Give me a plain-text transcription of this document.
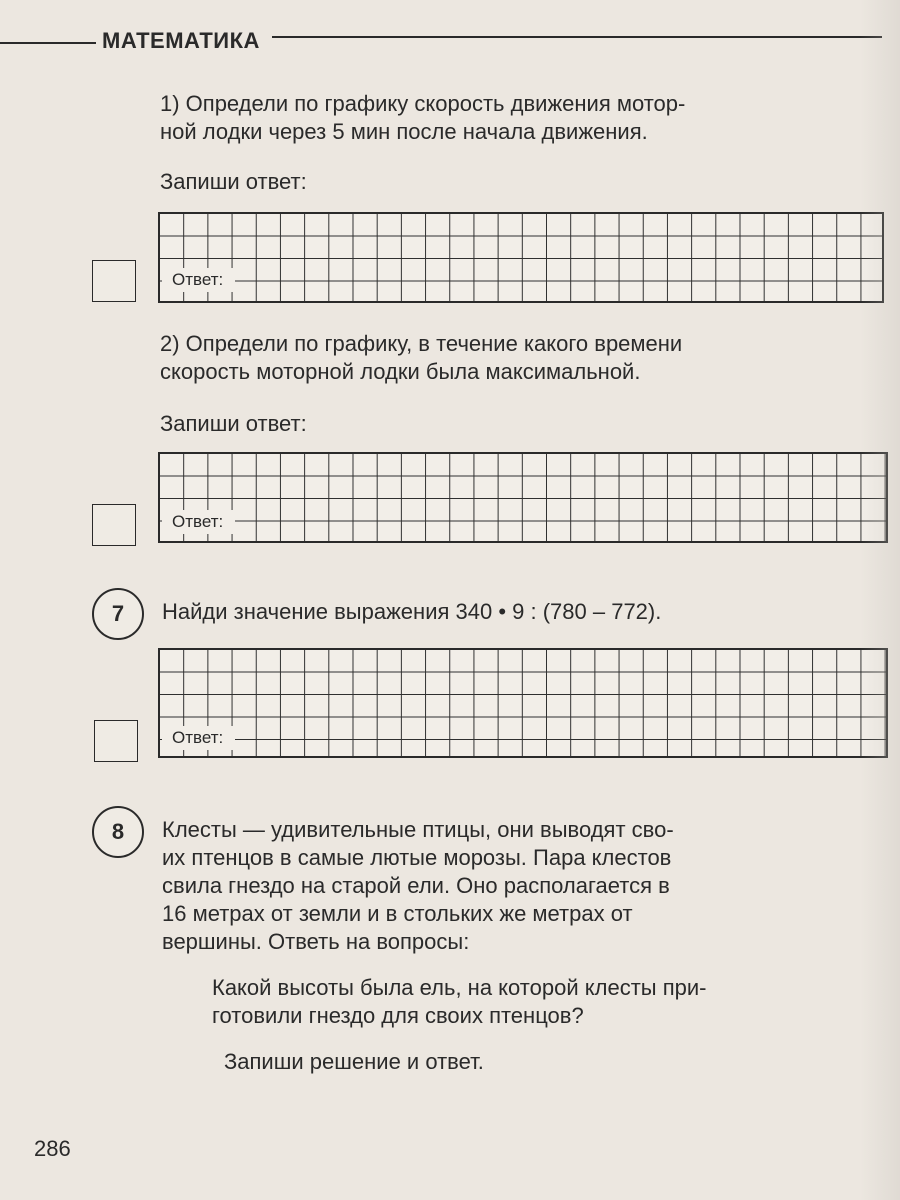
МАТЕМАТИКА
1) Определи по графику скорость движения мотор-
ной лодки через 5 мин после начала движения.
Запиши ответ:
Ответ:
2) Определи по графику, в течение какого времени
скорость моторной лодки была максимальной.
Запиши ответ:
Ответ:
7	Найди значение выражения 340 • 9 : (780 – 772).
Ответ:
8	Клесты — удивительные птицы, они выводят сво-
их птенцов в самые лютые морозы. Пара клестов
свила гнездо на старой ели. Оно располагается в
16 метрах от земли и в стольких же метрах от
вершины. Ответь на вопросы:
Какой высоты была ель, на которой клесты при-
готовили гнездо для своих птенцов?
Запиши решение и ответ.
286
